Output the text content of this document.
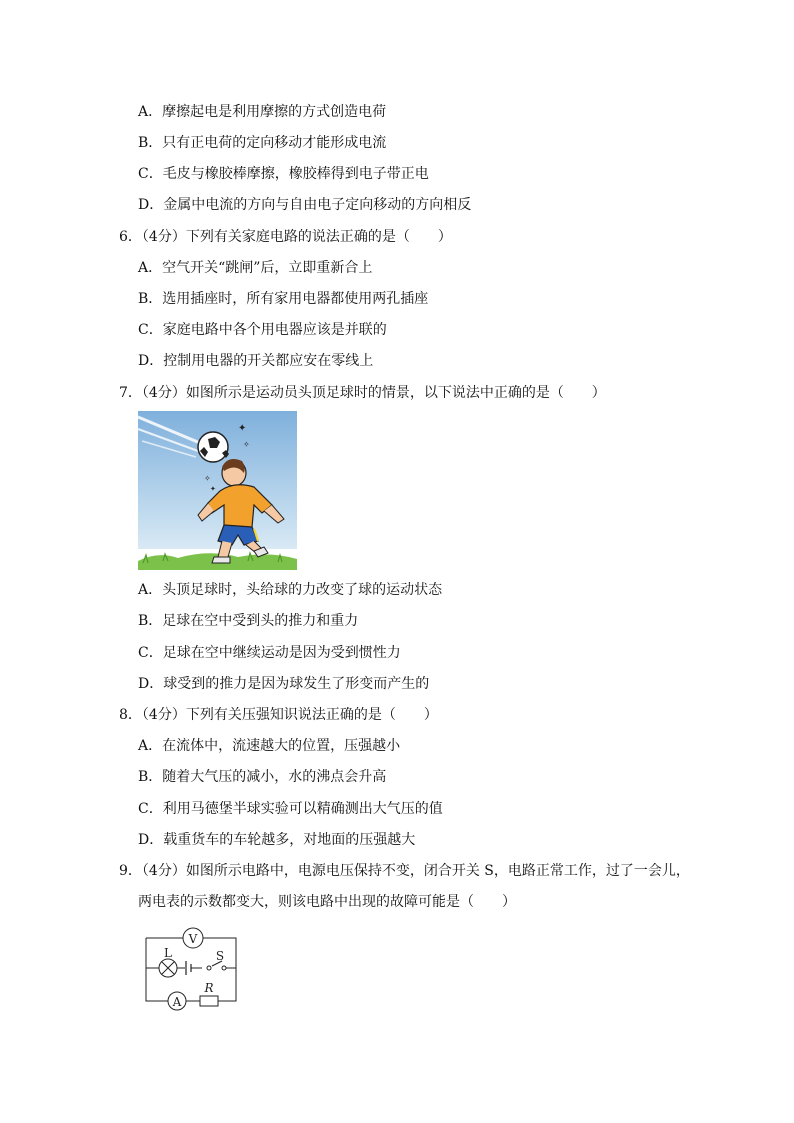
A．摩擦起电是利用摩擦的方式创造电荷
B．只有正电荷的定向移动才能形成电流
C．毛皮与橡胶棒摩擦，橡胶棒得到电子带正电
D．金属中电流的方向与自由电子定向移动的方向相反
6．（4分）下列有关家庭电路的说法正确的是（　　）
A．空气开关“跳闸”后，立即重新合上
B．选用插座时，所有家用电器都使用两孔插座
C．家庭电路中各个用电器应该是并联的
D．控制用电器的开关都应安在零线上
7．（4分）如图所示是运动员头顶足球时的情景，以下说法中正确的是（　　）
✦
✧
✧
✦
A．头顶足球时，头给球的力改变了球的运动状态
B．足球在空中受到头的推力和重力
C．足球在空中继续运动是因为受到惯性力
D．球受到的推力是因为球发生了形变而产生的
8．（4分）下列有关压强知识说法正确的是（　　）
A．在流体中，流速越大的位置，压强越小
B．随着大气压的减小，水的沸点会升高
C．利用马德堡半球实验可以精确测出大气压的值
D．载重货车的车轮越多，对地面的压强越大
9．（4分）如图所示电路中，电源电压保持不变，闭合开关 S，电路正常工作，过了一会儿，
两电表的示数都变大，则该电路中出现的故障可能是（　　）
V
L	S
A
R
